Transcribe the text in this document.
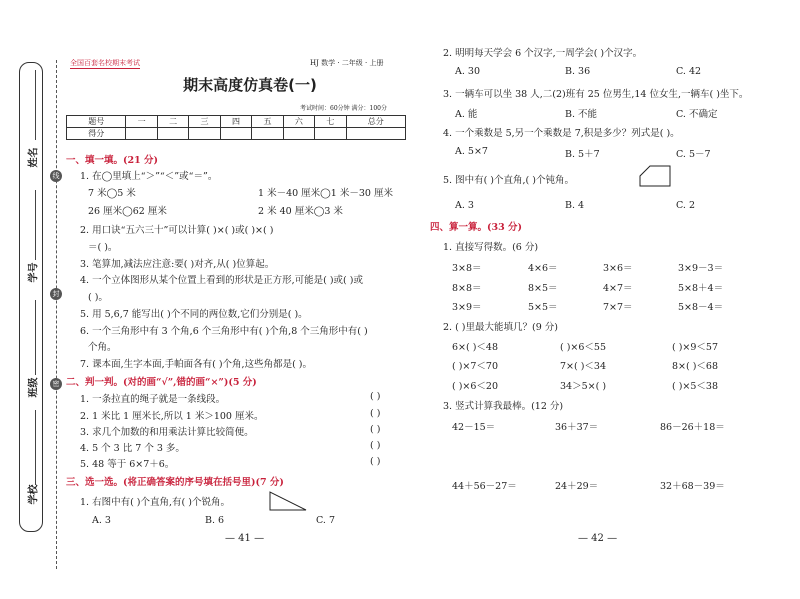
姓名
学号
班级
学校
线
封
密
全国百套名校期末考试	HJ 数学 · 二年级 · 上册
期末高度仿真卷(一)
考试时间：60分钟 满分：100分
题号	一	二	三	四	五	六	七	总分
得分								
一、填一填。(21 分)
1. 在◯里填上“＞”“＜”或“＝”。
7 米◯5 米	1 米－40 厘米◯1 米－30 厘米
26 厘米◯62 厘米	2 米 40 厘米◯3 米
2. 用口诀“五六三十”可以计算( )×( )或( )×( )
＝( )。
3. 笔算加,减法应注意:要( )对齐,从( )位算起。
4. 一个立体图形从某个位置上看到的形状是正方形,可能是( )或( )或
( )。
5. 用 5,6,7 能写出( )个不同的两位数,它们分别是( )。
6. 一个三角形中有 3 个角,6 个三角形中有( )个角,8 个三角形中有( )
个角。
7. 课本面,生字本面,手帕面各有( )个角,这些角都是( )。
二、判一判。(对的画“√”,错的画“×”)(5 分)
1. 一条拉直的绳子就是一条线段。
2. 1 米比 1 厘米长,所以 1 米＞100 厘米。
3. 求几个加数的和用乘法计算比较简便。
4. 5 个 3 比 7 个 3 多。
5. 48 等于 6×7＋6。
( )
( )
( )
( )
( )
三、选一选。(将正确答案的序号填在括号里)(7 分)
1. 右图中有( )个直角,有( )个锐角。
A. 3	B. 6	C. 7
— 41 —
2. 明明每天学会 6 个汉字,一周学会( )个汉字。
A. 30	B. 36	C. 42
3. 一辆车可以坐 38 人,二(2)班有 25 位男生,14 位女生,一辆车( )坐下。
A. 能	B. 不能	C. 不确定
4. 一个乘数是 5,另一个乘数是 7,积是多少？列式是( )。
A. 5×7	B. 5＋7	C. 5－7
5. 图中有( )个直角,( )个钝角。
A. 3	B. 4	C. 2
四、算一算。(33 分)
1. 直接写得数。(6 分)
3×8＝	4×6＝	3×6＝	3×9－3＝
8×8＝	8×5＝	4×7＝	5×8＋4＝
3×9＝	5×5＝	7×7＝	5×8－4＝
2. ( )里最大能填几？(9 分)
6×( )＜48	( )×6＜55	( )×9＜57
( )×7＜70	7×( )＜34	8×( )＜68
( )×6＜20	34＞5×( )	( )×5＜38
3. 竖式计算我最棒。(12 分)
42－15＝	36＋37＝	86－26＋18＝
44＋56－27＝	24＋29＝	32＋68－39＝
— 42 —
